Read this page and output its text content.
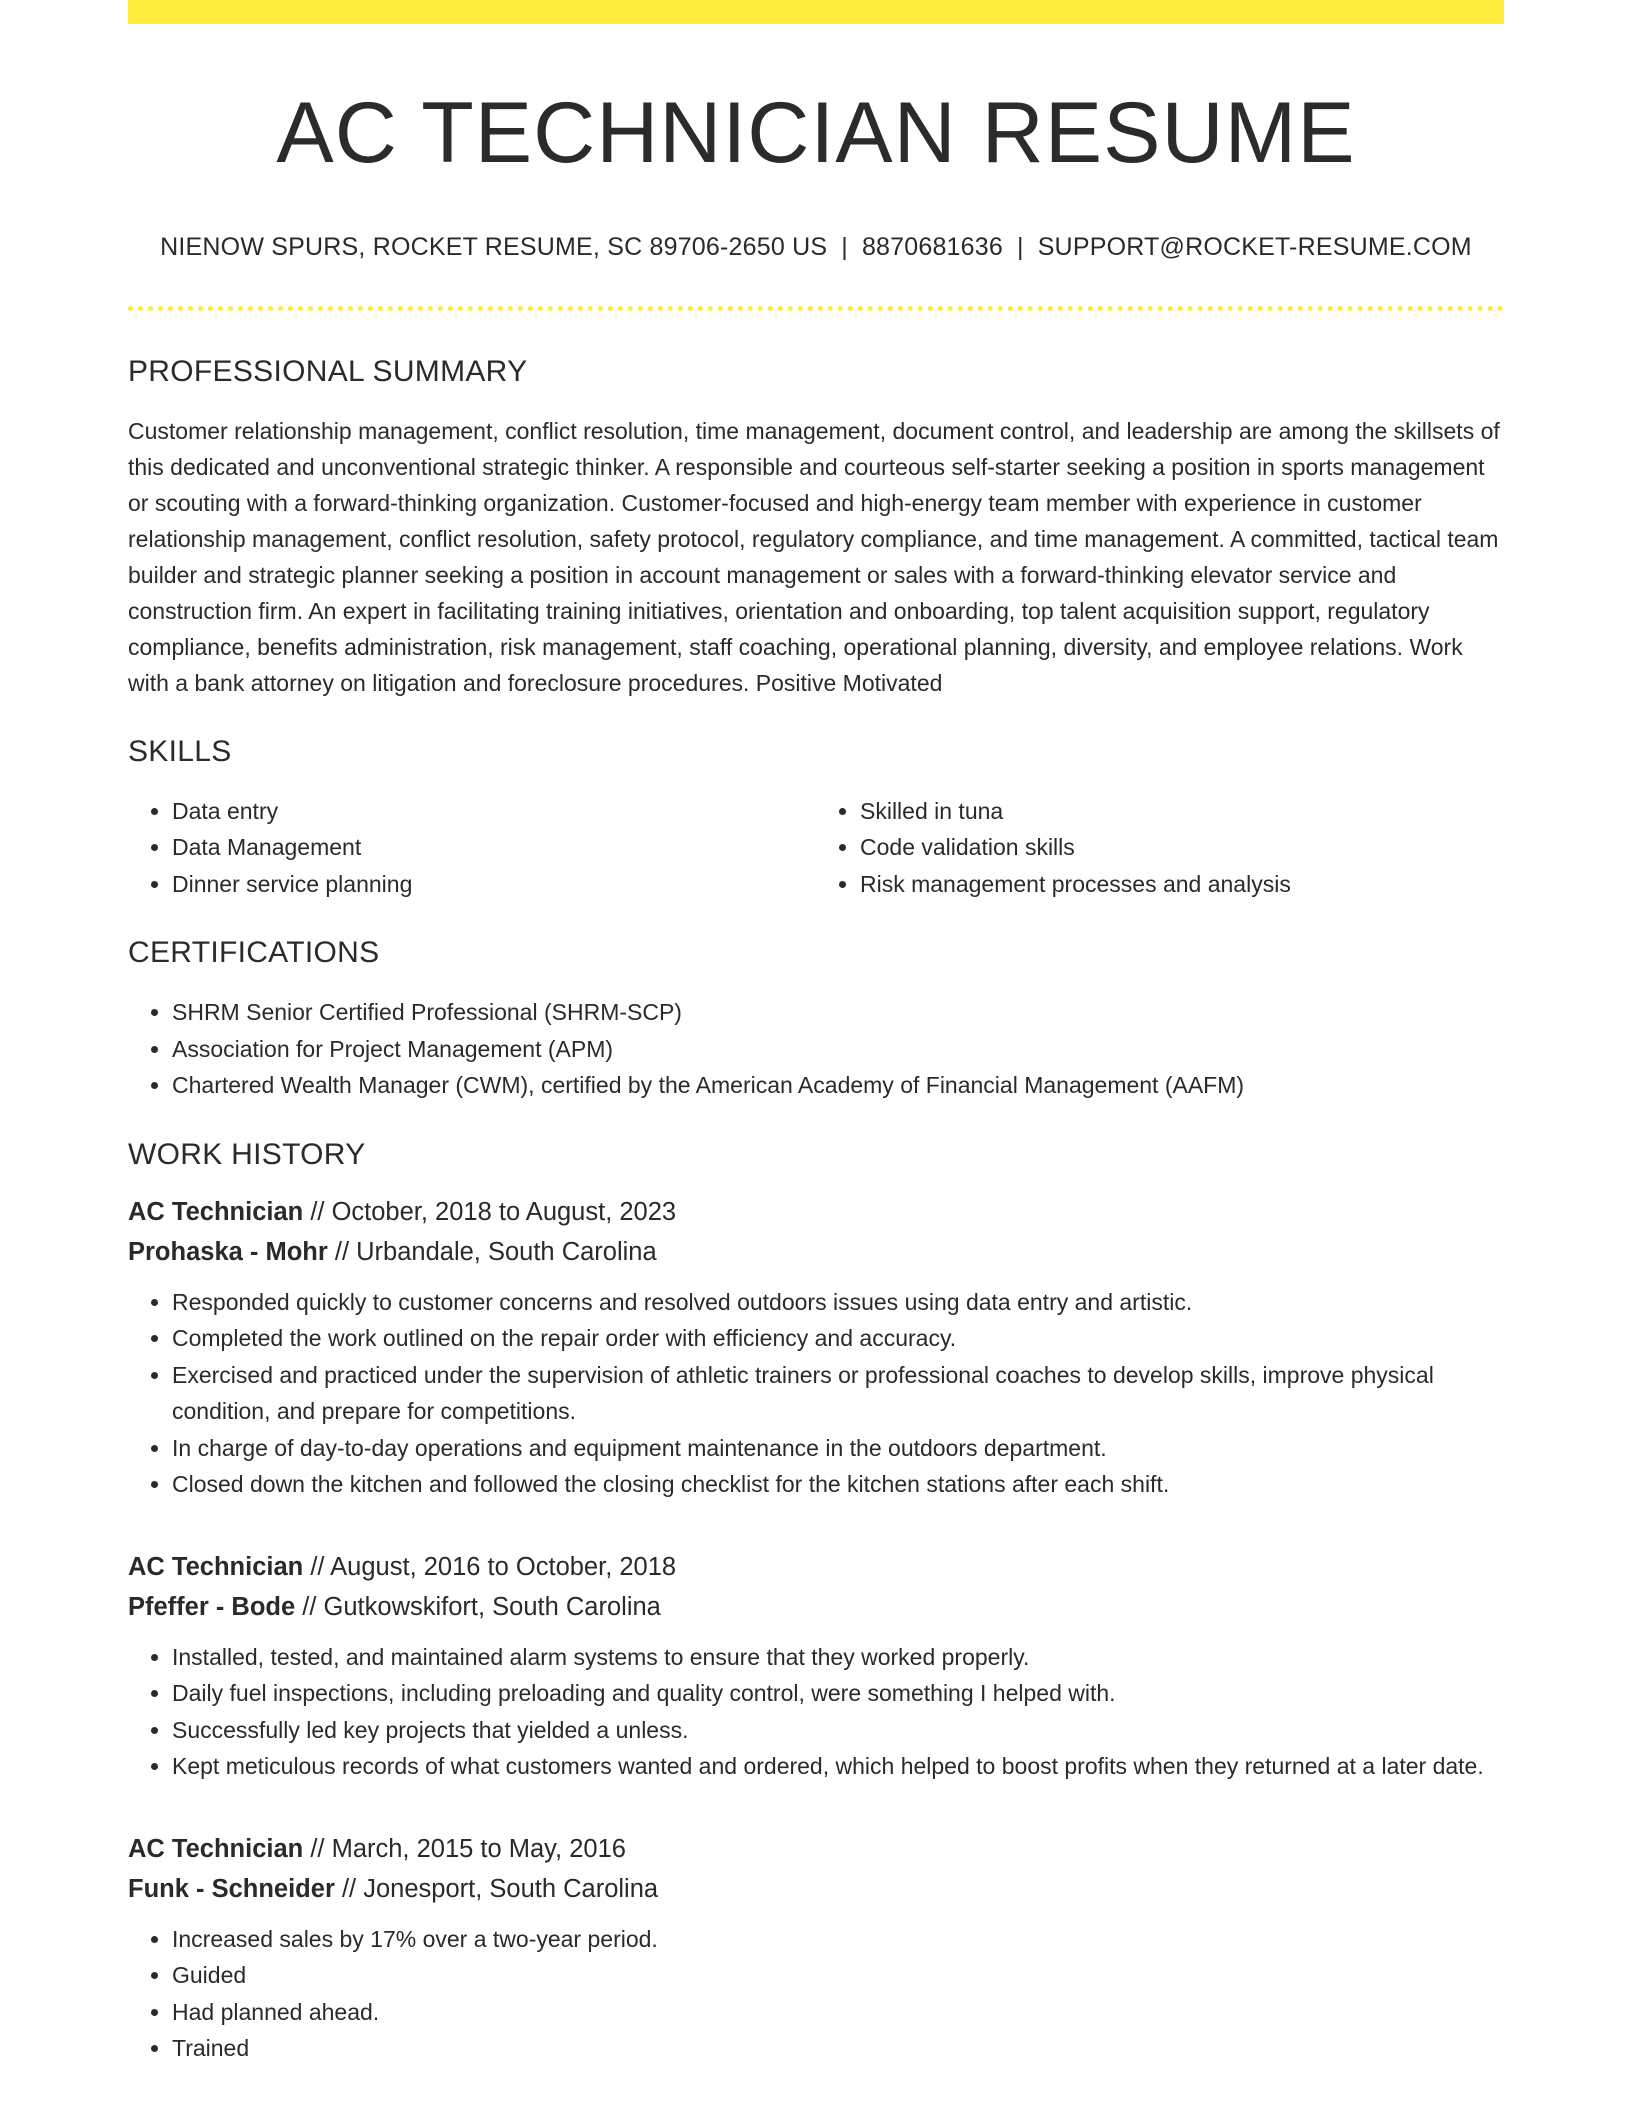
AC TECHNICIAN RESUME
NIENOW SPURS, ROCKET RESUME, SC 89706-2650 US | 8870681636 | SUPPORT@ROCKET-RESUME.COM
PROFESSIONAL SUMMARY
Customer relationship management, conflict resolution, time management, document control, and leadership are among the skillsets of this dedicated and unconventional strategic thinker. A responsible and courteous self-starter seeking a position in sports management or scouting with a forward-thinking organization. Customer-focused and high-energy team member with experience in customer relationship management, conflict resolution, safety protocol, regulatory compliance, and time management. A committed, tactical team builder and strategic planner seeking a position in account management or sales with a forward-thinking elevator service and construction firm. An expert in facilitating training initiatives, orientation and onboarding, top talent acquisition support, regulatory compliance, benefits administration, risk management, staff coaching, operational planning, diversity, and employee relations. Work with a bank attorney on litigation and foreclosure procedures. Positive Motivated
SKILLS
• Data entry
• Data Management
• Dinner service planning
• Skilled in tuna
• Code validation skills
• Risk management processes and analysis
CERTIFICATIONS
• SHRM Senior Certified Professional (SHRM-SCP)
• Association for Project Management (APM)
• Chartered Wealth Manager (CWM), certified by the American Academy of Financial Management (AAFM)
WORK HISTORY
AC Technician // October, 2018 to August, 2023
Prohaska - Mohr // Urbandale, South Carolina
• Responded quickly to customer concerns and resolved outdoors issues using data entry and artistic.
• Completed the work outlined on the repair order with efficiency and accuracy.
• Exercised and practiced under the supervision of athletic trainers or professional coaches to develop skills, improve physical condition, and prepare for competitions.
• In charge of day-to-day operations and equipment maintenance in the outdoors department.
• Closed down the kitchen and followed the closing checklist for the kitchen stations after each shift.
AC Technician // August, 2016 to October, 2018
Pfeffer - Bode // Gutkowskifort, South Carolina
• Installed, tested, and maintained alarm systems to ensure that they worked properly.
• Daily fuel inspections, including preloading and quality control, were something I helped with.
• Successfully led key projects that yielded a unless.
• Kept meticulous records of what customers wanted and ordered, which helped to boost profits when they returned at a later date.
AC Technician // March, 2015 to May, 2016
Funk - Schneider // Jonesport, South Carolina
• Increased sales by 17% over a two-year period.
• Guided
• Had planned ahead.
• Trained
